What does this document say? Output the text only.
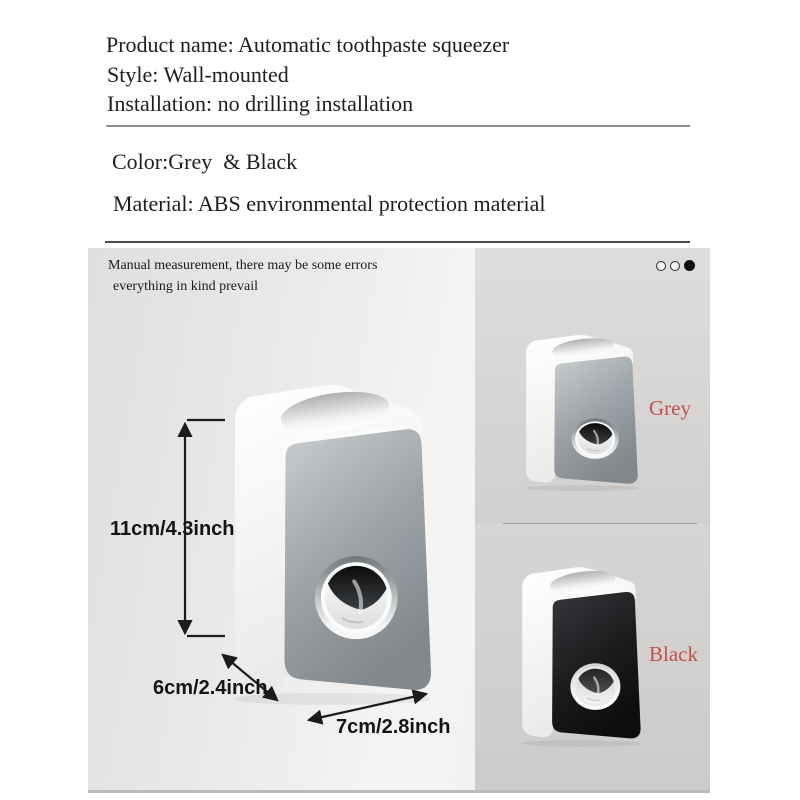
Product name: Automatic toothpaste squeezer
Style: Wall-mounted
Installation: no drilling installation
Color:Grey  & Black
Material: ABS environmental protection material
Manual measurement, there may be some errors
everything in kind prevail
11cm/4.3inch
6cm/2.4inch
7cm/2.8inch
Grey
Black
